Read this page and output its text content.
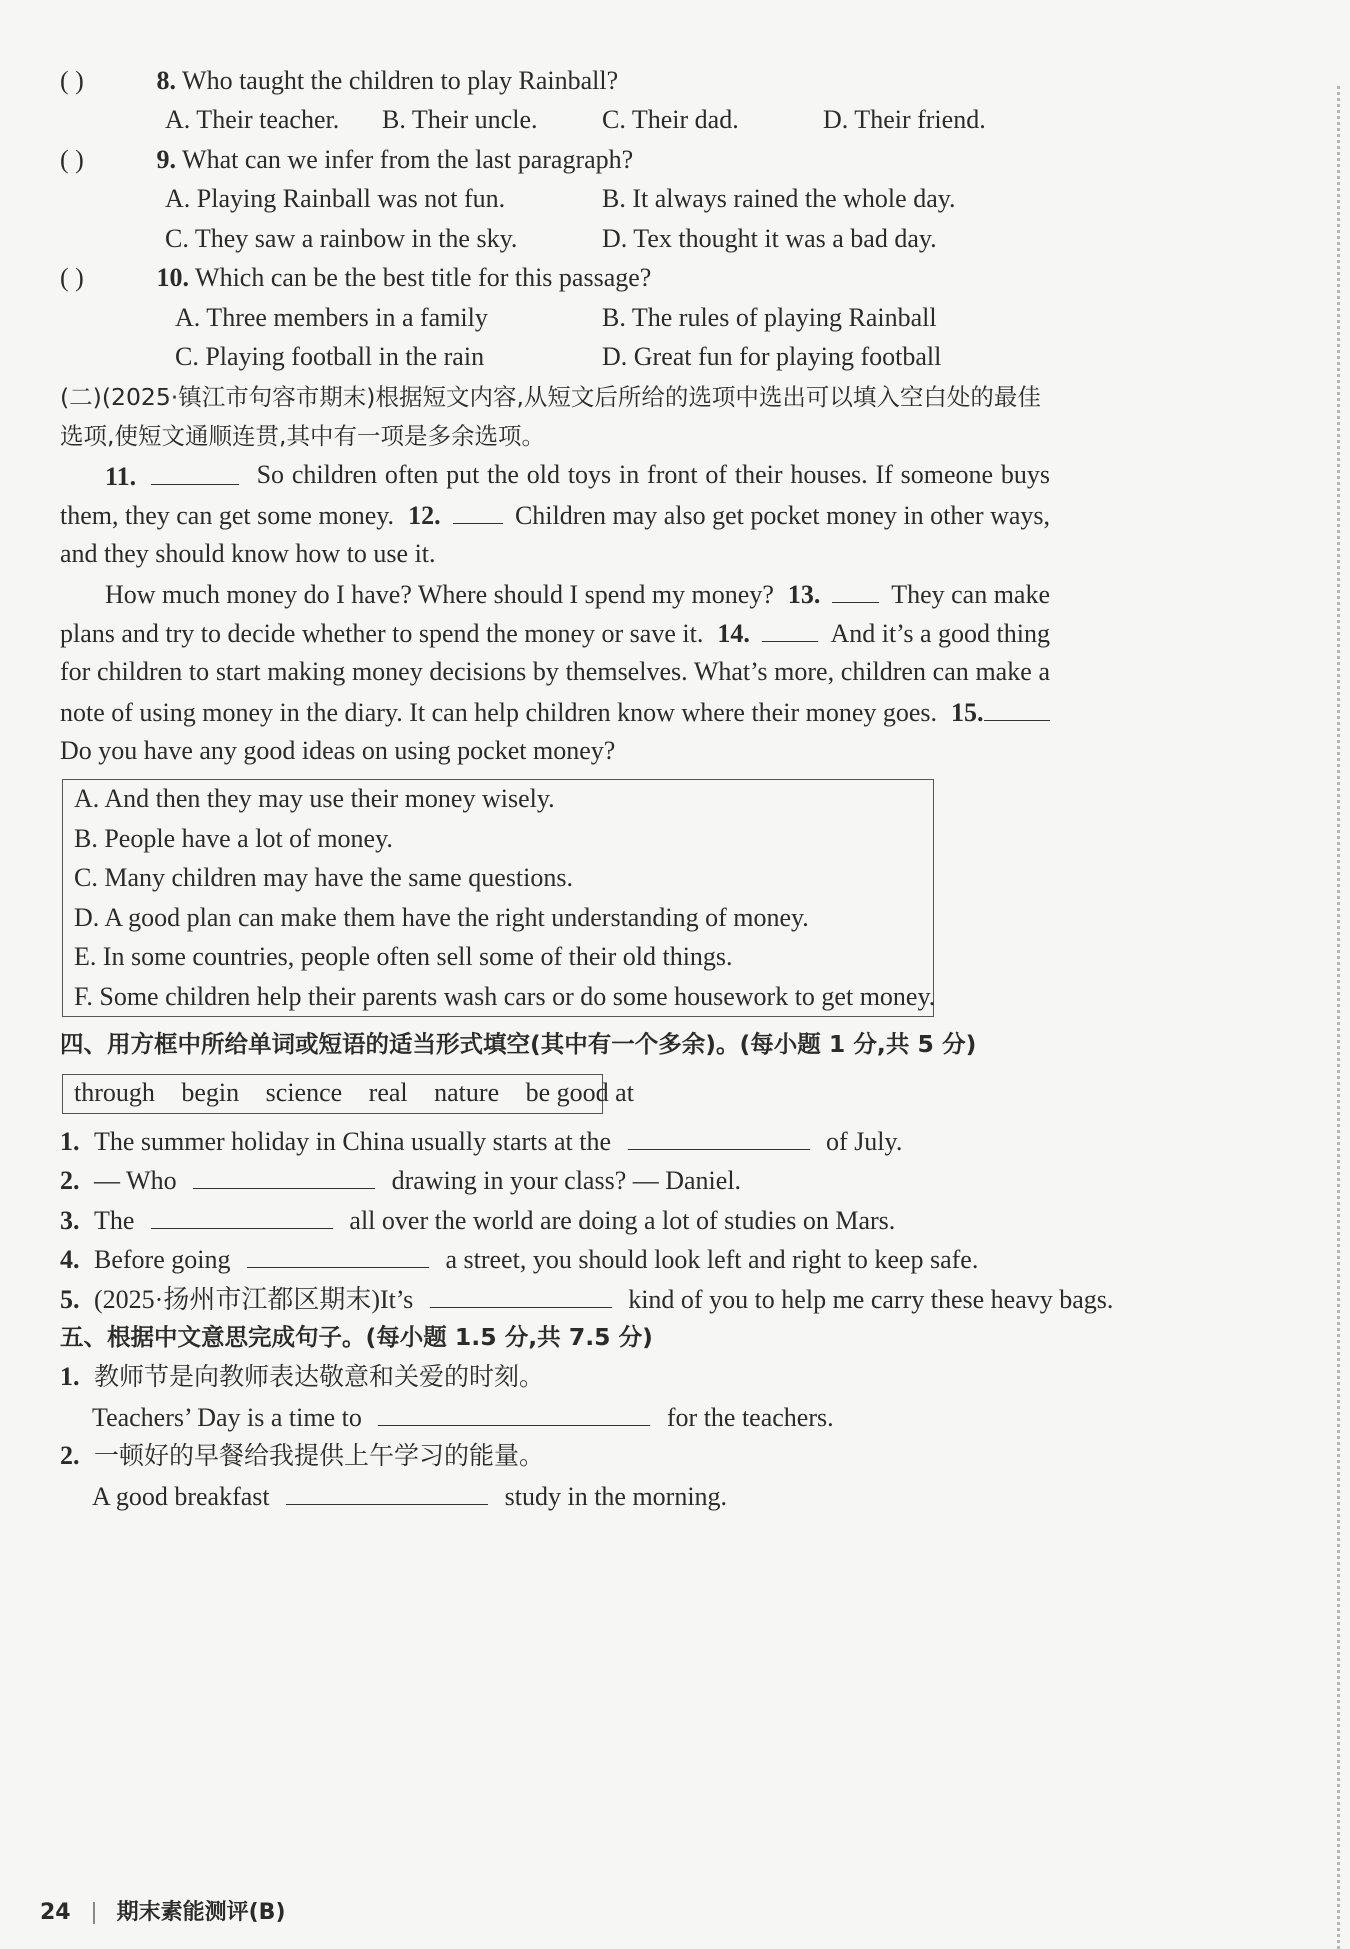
( )	8. Who taught the children to play Rainball?
A. Their teacher. B. Their uncle. C. Their dad.	D. Their friend.
( )	9. What can we infer from the last paragraph?
A. Playing Rainball was not fun.	B. It always rained the whole day.
C. They saw a rainbow in the sky.	D. Tex thought it was a bad day.
( )	10. Which can be the best title for this passage?
A. Three members in a family	B. The rules of playing Rainball
C. Playing football in the rain	D. Great fun for playing football
(二)(2025·镇江市句容市期末)根据短文内容,从短文后所给的选项中选出可以填入空白处的最佳
选项,使短文通顺连贯,其中有一项是多余选项。
11.	So children often put the old toys in front of their houses. If someone buys
them, they can get some money. 12.	Children may also get pocket money in other ways,
and they should know how to use it.
How much money do I have? Where should I spend my money? 13.	They can make
plans and try to decide whether to spend the money or save it. 14.	And it’s a good thing
for children to start making money decisions by themselves. What’s more, children can make a
note of using money in the diary. It can help children know where their money goes. 15.
Do you have any good ideas on using pocket money?
A. And then they may use their money wisely.
B. People have a lot of money.
C. Many children may have the same questions.
D. A good plan can make them have the right understanding of money.
E. In some countries, people often sell some of their old things.
F. Some children help their parents wash cars or do some housework to get money.
四、用方框中所给单词或短语的适当形式填空(其中有一个多余)。(每小题 1 分,共 5 分)
through begin science real nature be good at
1. The summer holiday in China usually starts at the	of July.
2. — Who	drawing in your class? — Daniel.
3. The	all over the world are doing a lot of studies on Mars.
4. Before going	a street, you should look left and right to keep safe.
5. (2025·扬州市江都区期末)It’s	kind of you to help me carry these heavy bags.
五、根据中文意思完成句子。(每小题 1.5 分,共 7.5 分)
1. 教师节是向教师表达敬意和关爱的时刻。
Teachers’ Day is a time to	for the teachers.
2. 一顿好的早餐给我提供上午学习的能量。
A good breakfast	study in the morning.
24 期末素能测评(B)
